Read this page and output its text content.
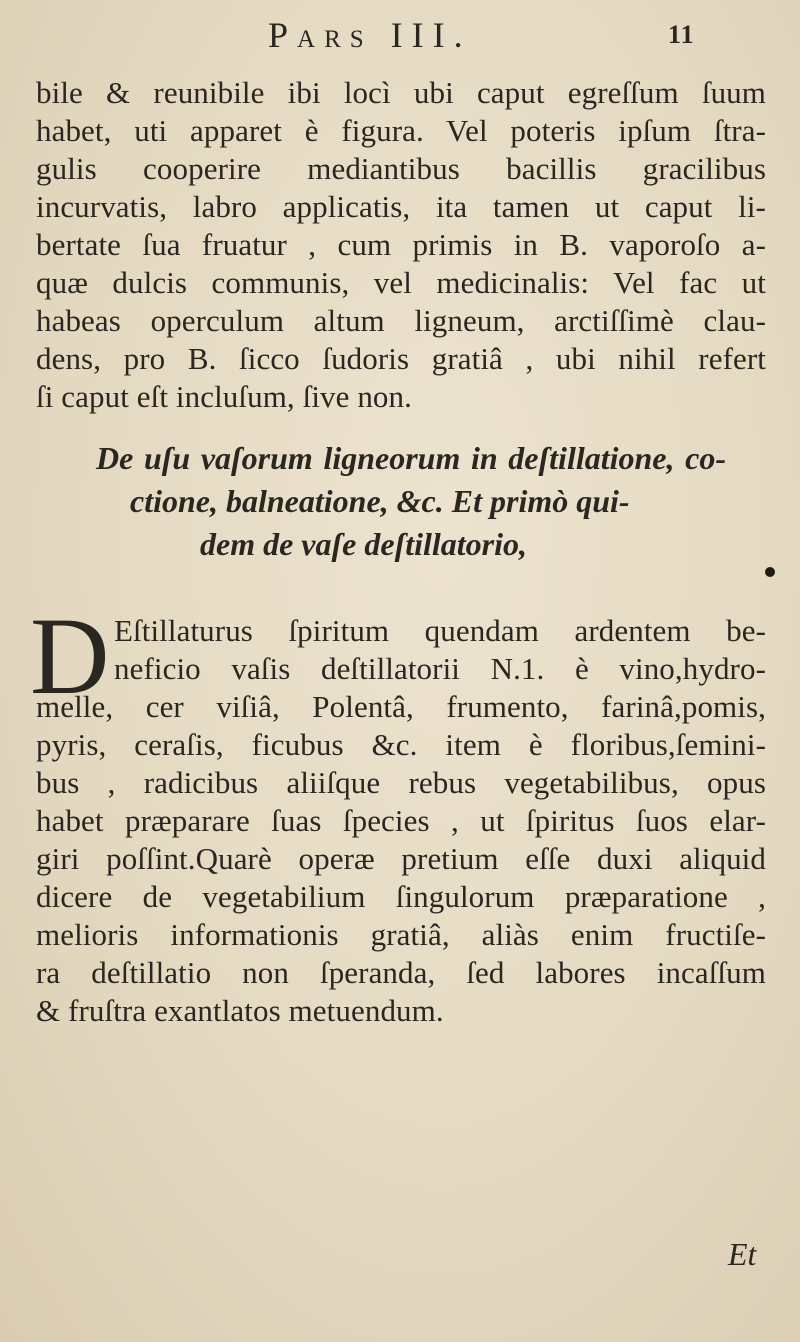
Pars III.	11
bile & reunibile ibi locì ubi caput egreſſum ſuum
habet, uti apparet è figura. Vel poteris ipſum ſtra-
gulis cooperire mediantibus bacillis gracilibus
incurvatis, labro applicatis, ita tamen ut caput li-
bertate ſua fruatur , cum primis in B. vaporoſo a-
quæ dulcis communis, vel medicinalis: Vel fac ut
habeas operculum altum ligneum, arctiſſimè clau-
dens, pro B. ſicco ſudoris gratiâ , ubi nihil refert
ſi caput eſt incluſum, ſive non.
De uſu vaſorum ligneorum in deſtillatione, co-
ctione, balneatione, &c. Et primò qui-
dem de vaſe deſtillatorio,
D Eſtillaturus ſpiritum quendam ardentem be-
neficio vaſis deſtillatorii N.1. è vino,hydro-
melle, cer viſiâ, Polentâ, frumento, farinâ,pomis,
pyris, ceraſis, ficubus &c. item è floribus,ſemini-
bus , radicibus aliiſque rebus vegetabilibus, opus
habet præparare ſuas ſpecies , ut ſpiritus ſuos elar-
giri poſſint.Quarè operæ pretium eſſe duxi aliquid
dicere de vegetabilium ſingulorum præparatione ,
melioris informationis gratiâ, aliàs enim fructiſe-
ra deſtillatio non ſperanda, ſed labores incaſſum
& fruſtra exantlatos metuendum.
Et
